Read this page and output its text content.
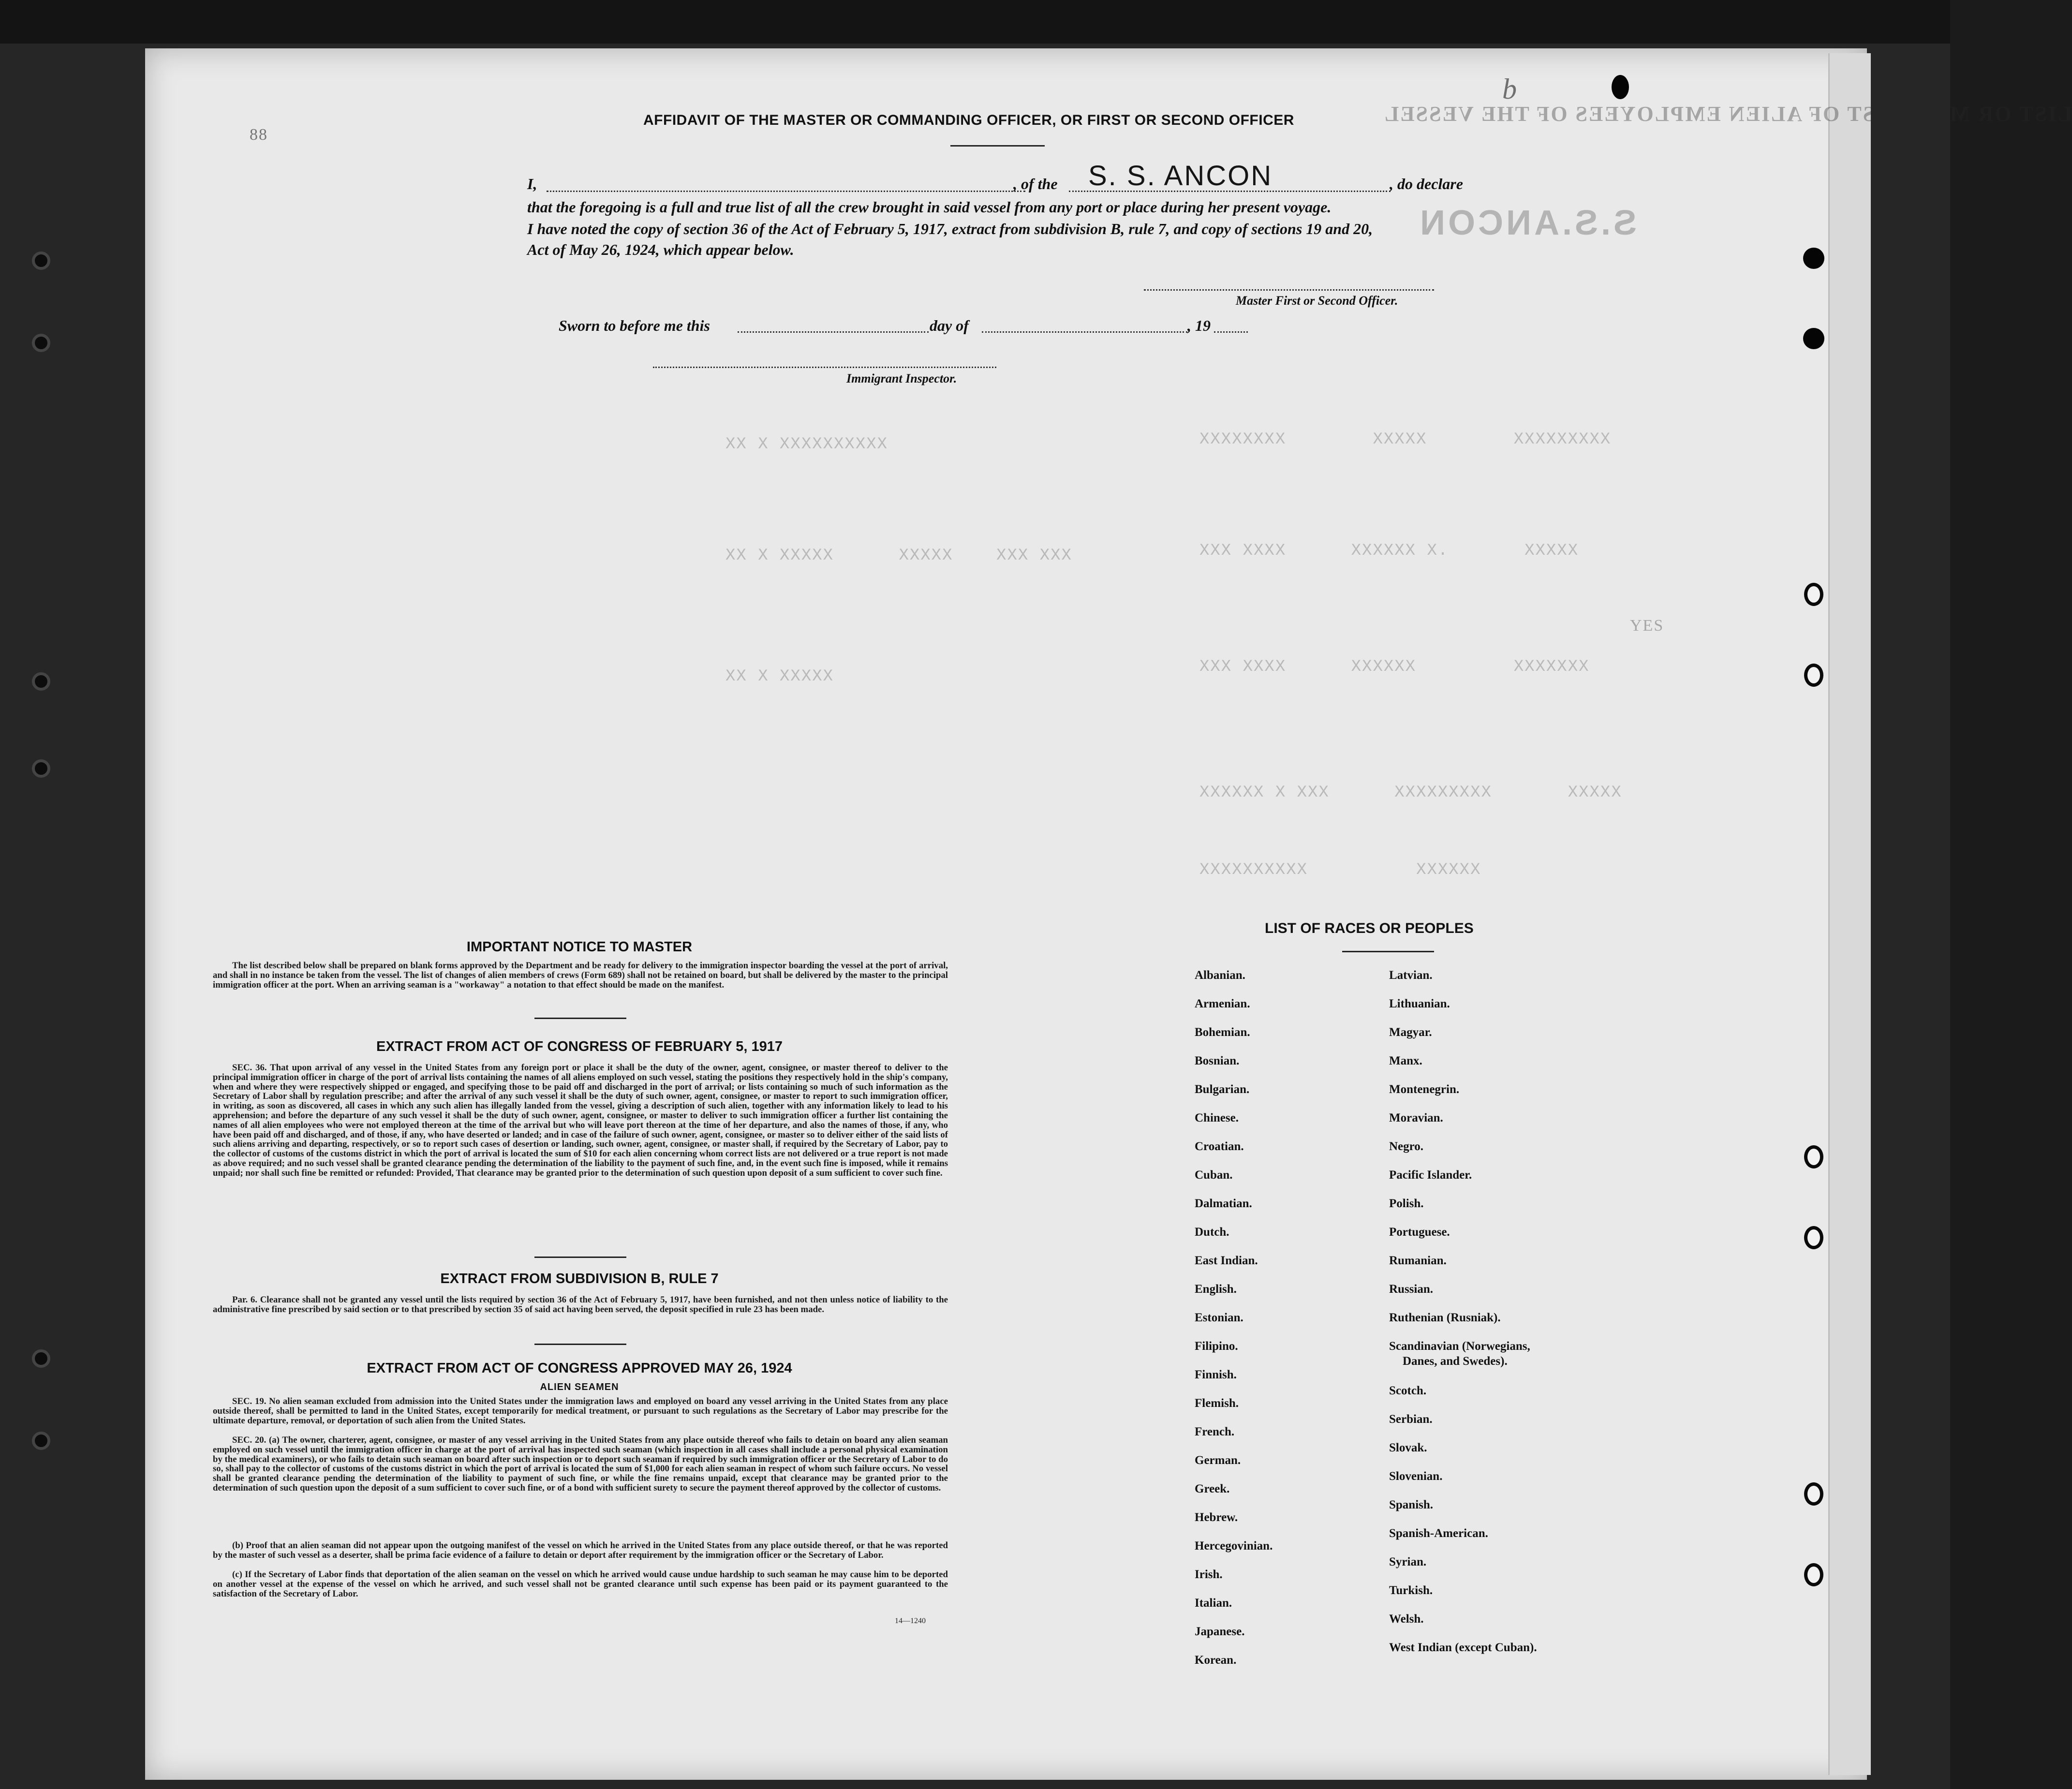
LIST OR MANIFEST OF ALIEN EMPLOYEES OF THE VESSEL
S.S.ANCON
YES
XXXXXXXX        XXXXX        XXXXXXXXX
XXX XXXX      XXXXXX X.       XXXXX
XXX XXXX      XXXXXX         XXXXXXX
XXXXXX X XXX      XXXXXXXXX       XXXXX
XXXXXXXXXX          XXXXXX
XX X XXXXXXXXXX
XX X XXXXX      XXXXX    XXX XXX
XX X XXXXX
88
b
AFFIDAVIT OF THE MASTER OR COMMANDING OFFICER, OR FIRST OR SECOND OFFICER
I,	, of the S. S. ANCON	, do declare
that the foregoing is a full and true list of all the crew brought in said vessel from any port or place during her present voyage.
I have noted the copy of section 36 of the Act of February 5, 1917, extract from subdivision B, rule 7, and copy of sections 19 and 20,
Act of May 26, 1924, which appear below.
Master First or Second Officer.
Sworn to before me this	day of	, 19
Immigrant Inspector.
IMPORTANT NOTICE TO MASTER
The list described below shall be prepared on blank forms approved by the Department and be ready for delivery to the immigration inspector boarding the vessel at the port of arrival, and shall in no instance be taken from the vessel. The list of changes of alien members of crews (Form 689) shall not be retained on board, but shall be delivered by the master to the principal immigration officer at the port. When an arriving seaman is a "workaway" a notation to that effect should be made on the manifest.
EXTRACT FROM ACT OF CONGRESS OF FEBRUARY 5, 1917
SEC. 36. That upon arrival of any vessel in the United States from any foreign port or place it shall be the duty of the owner, agent, consignee, or master thereof to deliver to the principal immigration officer in charge of the port of arrival lists containing the names of all aliens employed on such vessel, stating the positions they respectively hold in the ship's company, when and where they were respectively shipped or engaged, and specifying those to be paid off and discharged in the port of arrival; or lists containing so much of such information as the Secretary of Labor shall by regulation prescribe; and after the arrival of any such vessel it shall be the duty of such owner, agent, consignee, or master to report to such immigration officer, in writing, as soon as discovered, all cases in which any such alien has illegally landed from the vessel, giving a description of such alien, together with any information likely to lead to his apprehension; and before the departure of any such vessel it shall be the duty of such owner, agent, consignee, or master to deliver to such immigration officer a further list containing the names of all alien employees who were not employed thereon at the time of the arrival but who will leave port thereon at the time of her departure, and also the names of those, if any, who have been paid off and discharged, and of those, if any, who have deserted or landed; and in case of the failure of such owner, agent, consignee, or master so to deliver either of the said lists of such aliens arriving and departing, respectively, or so to report such cases of desertion or landing, such owner, agent, consignee, or master shall, if required by the Secretary of Labor, pay to the collector of customs of the customs district in which the port of arrival is located the sum of $10 for each alien concerning whom correct lists are not delivered or a true report is not made as above required; and no such vessel shall be granted clearance pending the determination of the liability to the payment of such fine, and, in the event such fine is imposed, while it remains unpaid; nor shall such fine be remitted or refunded: Provided, That clearance may be granted prior to the determination of such question upon deposit of a sum sufficient to cover such fine.
EXTRACT FROM SUBDIVISION B, RULE 7
Par. 6. Clearance shall not be granted any vessel until the lists required by section 36 of the Act of February 5, 1917, have been furnished, and not then unless notice of liability to the administrative fine prescribed by said section or to that prescribed by section 35 of said act having been served, the deposit specified in rule 23 has been made.
EXTRACT FROM ACT OF CONGRESS APPROVED MAY 26, 1924
ALIEN SEAMEN
SEC. 19. No alien seaman excluded from admission into the United States under the immigration laws and employed on board any vessel arriving in the United States from any place outside thereof, shall be permitted to land in the United States, except temporarily for medical treatment, or pursuant to such regulations as the Secretary of Labor may prescribe for the ultimate departure, removal, or deportation of such alien from the United States.
SEC. 20. (a) The owner, charterer, agent, consignee, or master of any vessel arriving in the United States from any place outside thereof who fails to detain on board any alien seaman employed on such vessel until the immigration officer in charge at the port of arrival has inspected such seaman (which inspection in all cases shall include a personal physical examination by the medical examiners), or who fails to detain such seaman on board after such inspection or to deport such seaman if required by such immigration officer or the Secretary of Labor to do so, shall pay to the collector of customs of the customs district in which the port of arrival is located the sum of $1,000 for each alien seaman in respect of whom such failure occurs. No vessel shall be granted clearance pending the determination of the liability to payment of such fine, or while the fine remains unpaid, except that clearance may be granted prior to the determination of such question upon the deposit of a sum sufficient to cover such fine, or of a bond with sufficient surety to secure the payment thereof approved by the collector of customs.
(b) Proof that an alien seaman did not appear upon the outgoing manifest of the vessel on which he arrived in the United States from any place outside thereof, or that he was reported by the master of such vessel as a deserter, shall be prima facie evidence of a failure to detain or deport after requirement by the immigration officer or the Secretary of Labor.
(c) If the Secretary of Labor finds that deportation of the alien seaman on the vessel on which he arrived would cause undue hardship to such seaman he may cause him to be deported on another vessel at the expense of the vessel on which he arrived, and such vessel shall not be granted clearance until such expense has been paid or its payment guaranteed to the satisfaction of the Secretary of Labor.
14—1240
LIST OF RACES OR PEOPLES
Albanian.
Armenian.
Bohemian.
Bosnian.
Bulgarian.
Chinese.
Croatian.
Cuban.
Dalmatian.
Dutch.
East Indian.
English.
Estonian.
Filipino.
Finnish.
Flemish.
French.
German.
Greek.
Hebrew.
Hercegovinian.
Irish.
Italian.
Japanese.
Korean.
Latvian.
Lithuanian.
Magyar.
Manx.
Montenegrin.
Moravian.
Negro.
Pacific Islander.
Polish.
Portuguese.
Rumanian.
Russian.
Ruthenian (Rusniak).
Scandinavian (Norwegians,
Danes, and Swedes).
Scotch.
Serbian.
Slovak.
Slovenian.
Spanish.
Spanish-American.
Syrian.
Turkish.
Welsh.
West Indian (except Cuban).
